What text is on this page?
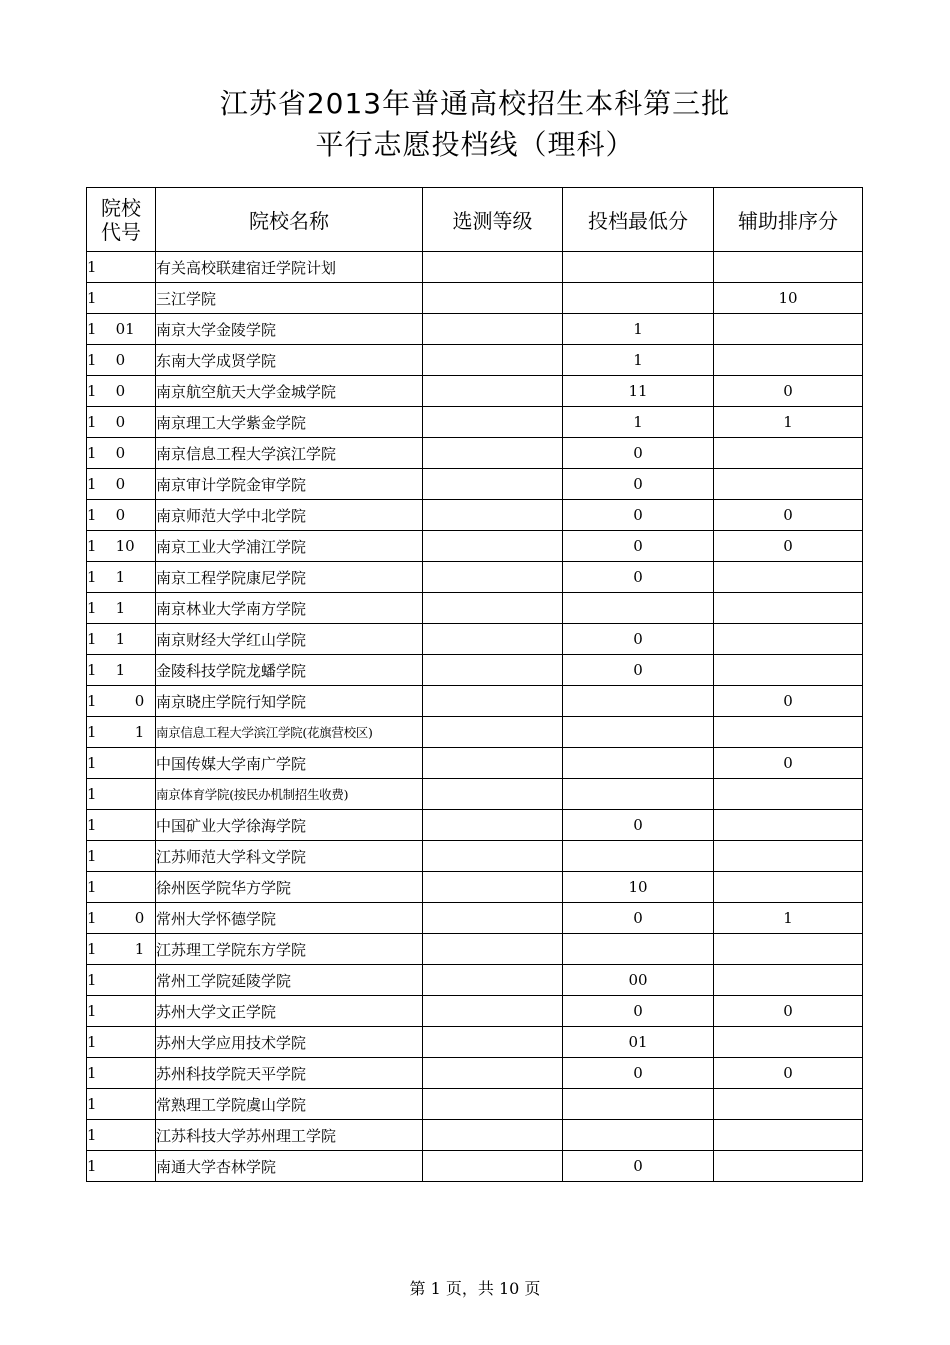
江苏省2013年普通高校招生本科第三批
平行志愿投档线（理科）
院校
代号	院校名称	选测等级	投档最低分	辅助排序分
1	有关高校联建宿迁学院计划			
1	三江学院			10
1    01	南京大学金陵学院		1	
1    0	东南大学成贤学院		1	
1    0	南京航空航天大学金城学院		11	0
1    0	南京理工大学紫金学院		1	1
1    0	南京信息工程大学滨江学院		0	
1    0	南京审计学院金审学院		0	
1    0	南京师范大学中北学院		0	0
1    10	南京工业大学浦江学院		0	0
1    1	南京工程学院康尼学院		0	
1    1	南京林业大学南方学院			
1    1	南京财经大学红山学院		0	
1    1	金陵科技学院龙蟠学院		0	
1        0	南京晓庄学院行知学院			0
1        1	南京信息工程大学滨江学院(花旗营校区)			
1	中国传媒大学南广学院			0
1	南京体育学院(按民办机制招生收费)			
1	中国矿业大学徐海学院		0	
1	江苏师范大学科文学院			
1	徐州医学院华方学院		10	
1        0	常州大学怀德学院		0	1
1        1	江苏理工学院东方学院			
1	常州工学院延陵学院		00	
1	苏州大学文正学院		0	0
1	苏州大学应用技术学院		01	
1	苏州科技学院天平学院		0	0
1	常熟理工学院虞山学院			
1	江苏科技大学苏州理工学院			
1	南通大学杏林学院		0	
第 1 页，共 10 页
